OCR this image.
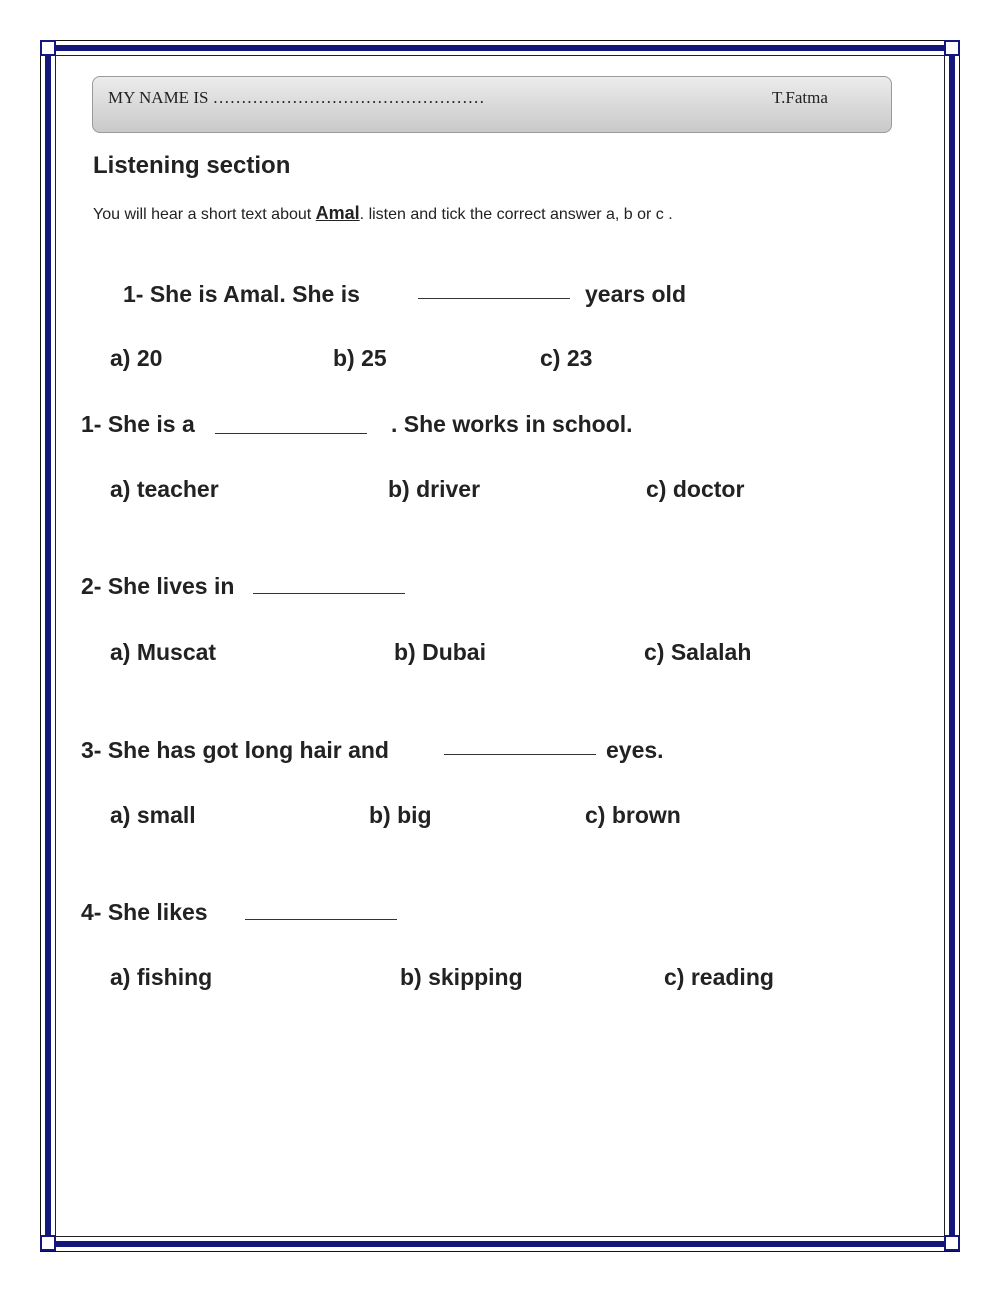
MY NAME IS …………………………………………	T.Fatma
Listening section
You will hear a short text about Amal. listen and tick the correct answer a, b or c .
1- She is Amal. She is	years old
a) 20	b) 25	c) 23
1- She is a	. She works in school.
a) teacher	b) driver	c) doctor
2- She lives in
a) Muscat	b) Dubai	c) Salalah
3- She has got long hair and	eyes.
a) small	b) big	c) brown
4- She likes
a) fishing	b) skipping	c) reading
